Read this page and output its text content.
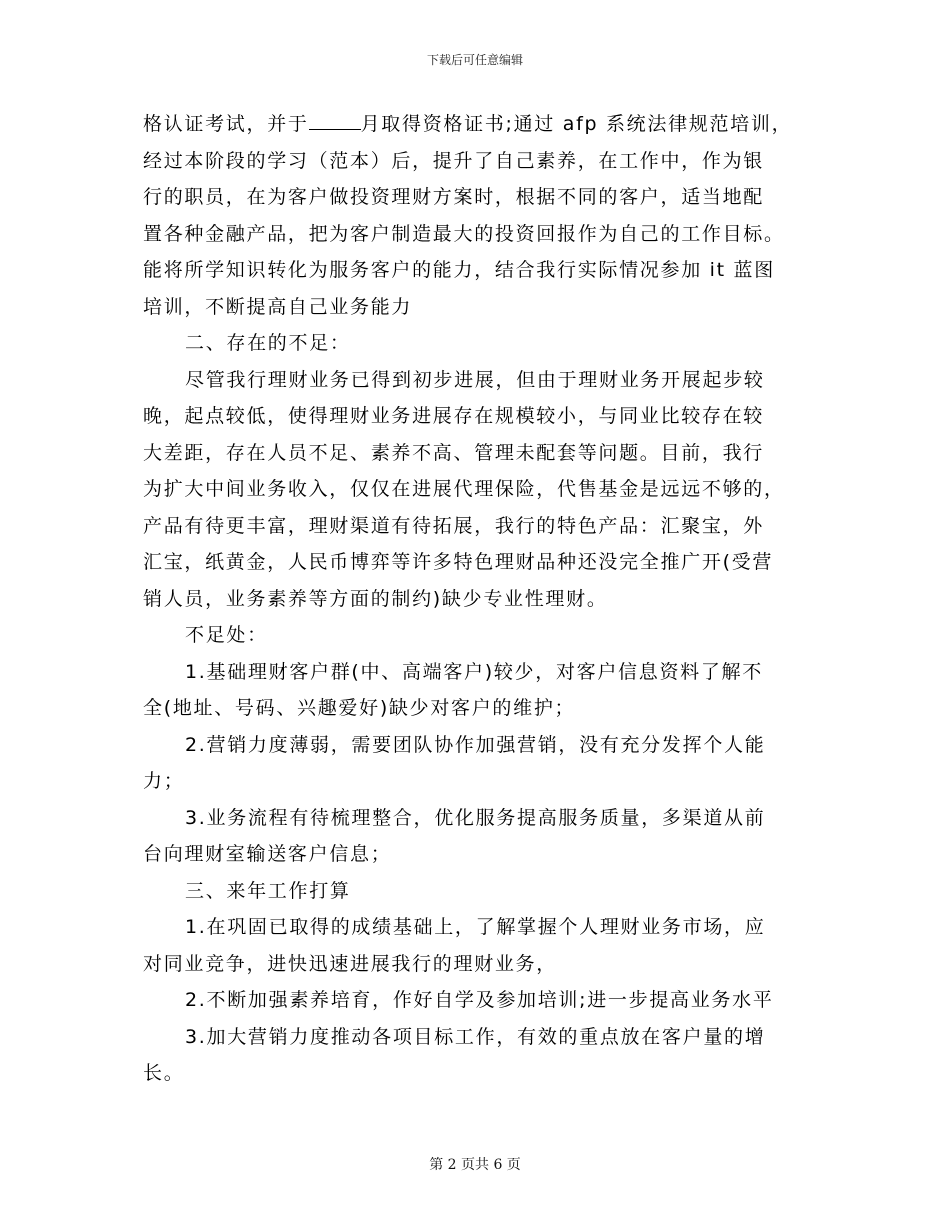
下载后可任意编辑
格认证考试，并于	月取得资格证书;通过 afp 系统法律规范培训，
经过本阶段的学习（范本）后，提升了自己素养，在工作中，作为银
行的职员，在为客户做投资理财方案时，根据不同的客户，适当地配
置各种金融产品，把为客户制造最大的投资回报作为自己的工作目标。
能将所学知识转化为服务客户的能力，结合我行实际情况参加 it 蓝图
培训，不断提高自己业务能力
二、存在的不足：
尽管我行理财业务已得到初步进展，但由于理财业务开展起步较
晚，起点较低，使得理财业务进展存在规模较小，与同业比较存在较
大差距，存在人员不足、素养不高、管理未配套等问题。目前，我行
为扩大中间业务收入，仅仅在进展代理保险，代售基金是远远不够的，
产品有待更丰富，理财渠道有待拓展，我行的特色产品：汇聚宝，外
汇宝，纸黄金，人民币博弈等许多特色理财品种还没完全推广开(受营
销人员，业务素养等方面的制约)缺少专业性理财。
不足处：
1.基础理财客户群(中、高端客户)较少，对客户信息资料了解不
全(地址、号码、兴趣爱好)缺少对客户的维护；
2.营销力度薄弱，需要团队协作加强营销，没有充分发挥个人能
力；
3.业务流程有待梳理整合，优化服务提高服务质量，多渠道从前
台向理财室输送客户信息；
三、来年工作打算
1.在巩固已取得的成绩基础上，了解掌握个人理财业务市场，应
对同业竞争，进快迅速进展我行的理财业务，
2.不断加强素养培育，作好自学及参加培训;进一步提高业务水平
3.加大营销力度推动各项目标工作，有效的重点放在客户量的增
长。
第 2 页共 6 页
